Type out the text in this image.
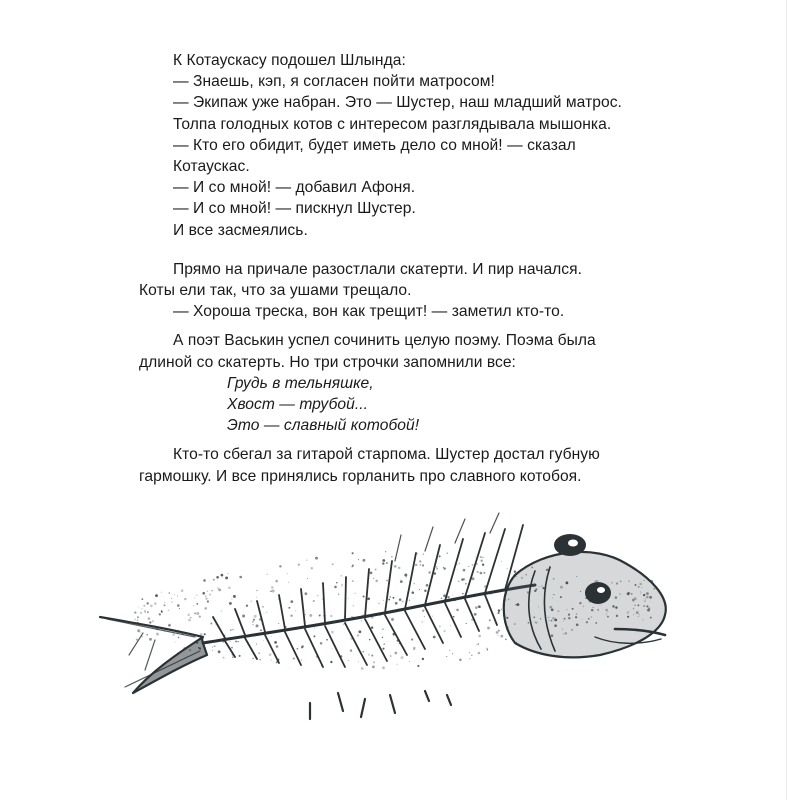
К Котаускасу подошел Шлында:

— Знаешь, кэп, я согласен пойти матросом!

— Экипаж уже набран. Это — Шустер, наш младший матрос.

Толпа голодных котов с интересом разглядывала мышонка.

— Кто его обидит, будет иметь дело со мной! — сказал

Котаускас.

— И со мной! — добавил Афоня.

— И со мной! — пискнул Шустер.

И все засмеялись.

Прямо на причале разостлали скатерти. И пир начался.

Коты ели так, что за ушами трещало.

— Хороша треска, вон как трещит! — заметил кто-то.

А поэт Васькин успел сочинить целую поэму. Поэма была

длиной со скатерть. Но три строчки запомнили все:

Грудь в тельняшке,

Хвост — трубой...

Это — славный котобой!

Кто-то сбегал за гитарой старпома. Шустер достал губную

гармошку. И все принялись горланить про славного котобоя.
